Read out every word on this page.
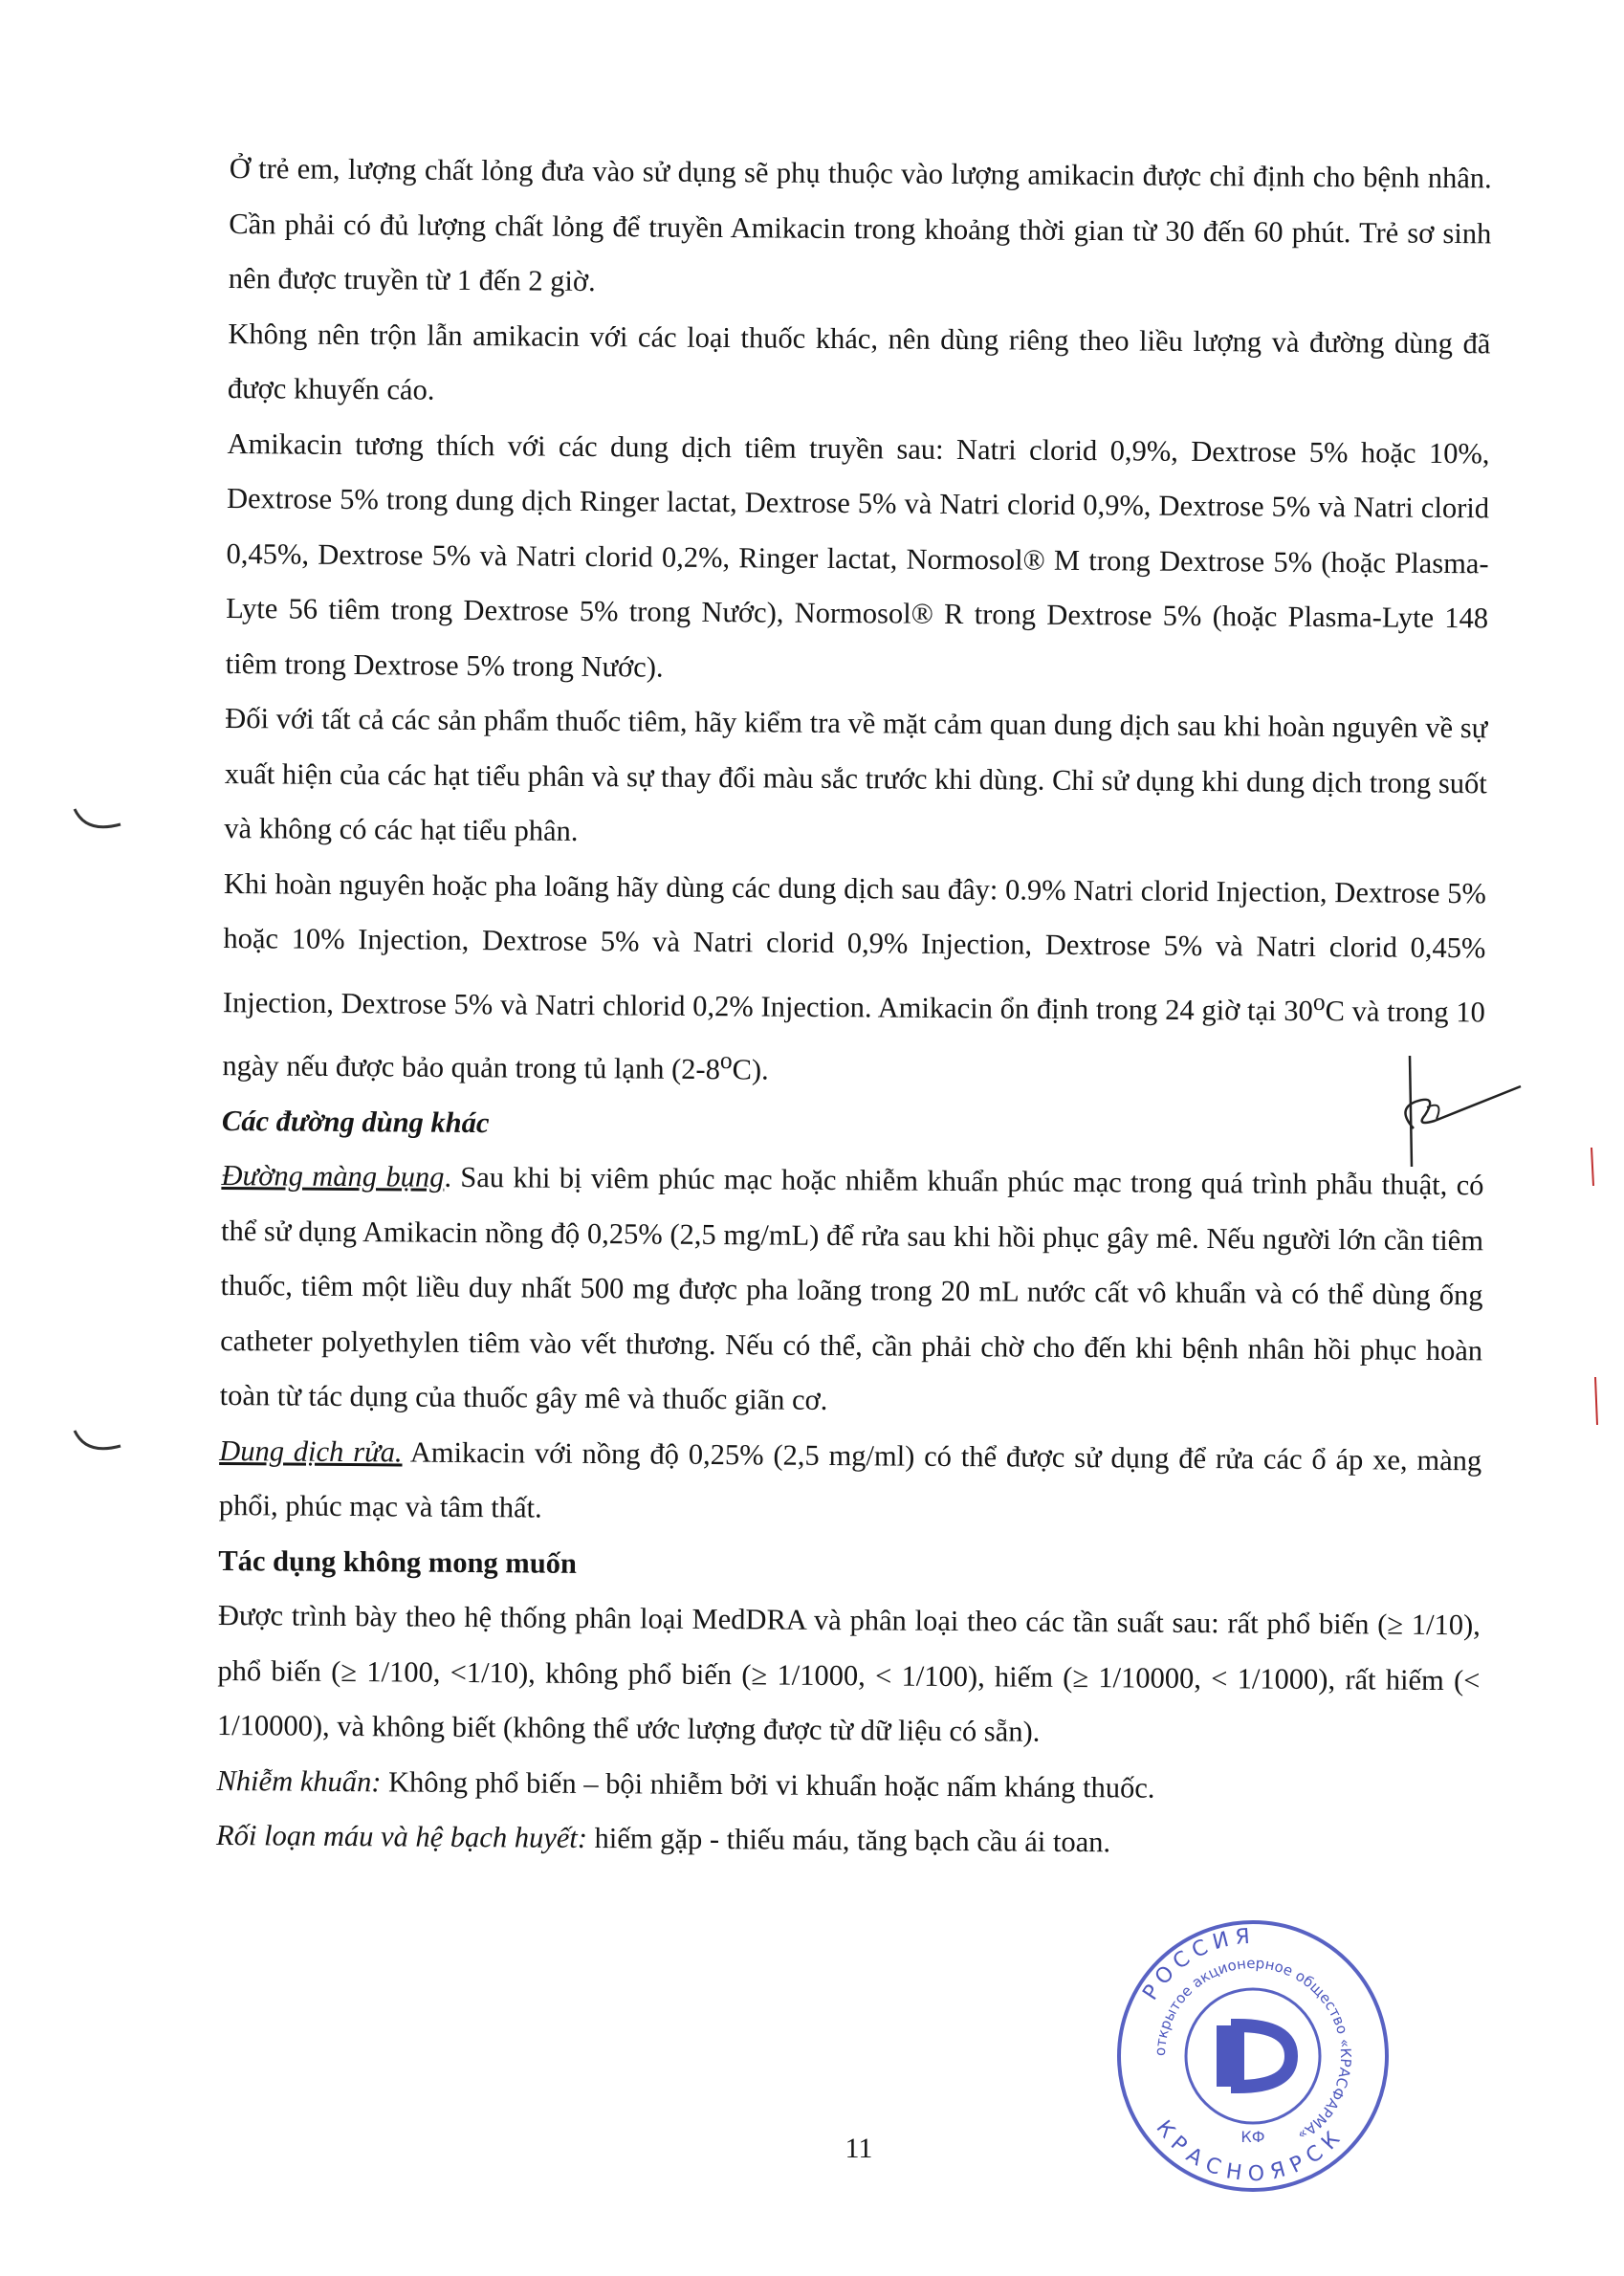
Ở trẻ em, lượng chất lỏng đưa vào sử dụng sẽ phụ thuộc vào lượng amikacin được chỉ định cho bệnh nhân. Cần phải có đủ lượng chất lỏng để truyền Amikacin trong khoảng thời gian từ 30 đến 60 phút. Trẻ sơ sinh nên được truyền từ 1 đến 2 giờ.

Không nên trộn lẫn amikacin với các loại thuốc khác, nên dùng riêng theo liều lượng và đường dùng đã được khuyến cáo.

Amikacin tương thích với các dung dịch tiêm truyền sau: Natri clorid 0,9%, Dextrose 5% hoặc 10%, Dextrose 5% trong dung dịch Ringer lactat, Dextrose 5% và Natri clorid 0,9%, Dextrose 5% và Natri clorid 0,45%, Dextrose 5% và Natri clorid 0,2%, Ringer lactat, Normosol® M trong Dextrose 5% (hoặc Plasma-Lyte 56 tiêm trong Dextrose 5% trong Nước), Normosol® R trong Dextrose 5% (hoặc Plasma-Lyte 148 tiêm trong Dextrose 5% trong Nước).

Đối với tất cả các sản phẩm thuốc tiêm, hãy kiểm tra về mặt cảm quan dung dịch sau khi hoàn nguyên về sự xuất hiện của các hạt tiểu phân và sự thay đổi màu sắc trước khi dùng. Chỉ sử dụng khi dung dịch trong suốt và không có các hạt tiểu phân.

Khi hoàn nguyên hoặc pha loãng hãy dùng các dung dịch sau đây: 0.9% Natri clorid Injection, Dextrose 5% hoặc 10% Injection, Dextrose 5% và Natri clorid 0,9% Injection, Dextrose 5% và Natri clorid 0,45% Injection, Dextrose 5% và Natri chlorid 0,2% Injection. Amikacin ổn định trong 24 giờ tại 30$^o$C và trong 10 ngày nếu được bảo quản trong tủ lạnh (2-8$^o$C).

Các đường dùng khác

Đường màng bụng. Sau khi bị viêm phúc mạc hoặc nhiễm khuẩn phúc mạc trong quá trình phẫu thuật, có thể sử dụng Amikacin nồng độ 0,25% (2,5 mg/mL) để rửa sau khi hồi phục gây mê. Nếu người lớn cần tiêm thuốc, tiêm một liều duy nhất 500 mg được pha loãng trong 20 mL nước cất vô khuẩn và có thể dùng ống catheter polyethylen tiêm vào vết thương. Nếu có thể, cần phải chờ cho đến khi bệnh nhân hồi phục hoàn toàn từ tác dụng của thuốc gây mê và thuốc giãn cơ.

Dung dịch rửa. Amikacin với nồng độ 0,25% (2,5 mg/ml) có thể được sử dụng để rửa các ổ áp xe, màng phổi, phúc mạc và tâm thất.

Tác dụng không mong muốn

Được trình bày theo hệ thống phân loại MedDRA và phân loại theo các tần suất sau: rất phổ biến (≥ 1/10), phổ biến (≥ 1/100, <1/10), không phổ biến (≥ 1/1000, < 1/100), hiếm (≥ 1/10000, < 1/1000), rất hiếm (< 1/10000), và không biết (không thể ước lượng được từ dữ liệu có sẵn).

Nhiễm khuẩn: Không phổ biến – bội nhiễm bởi vi khuẩn hoặc nấm kháng thuốc.

Rối loạn máu và hệ bạch huyết: hiếm gặp - thiếu máu, tăng bạch cầu ái toan.

РОССИЯ
открытое акционерное общество «КРАСФАРМА»
КРАСНОЯРСК
КФ
11
